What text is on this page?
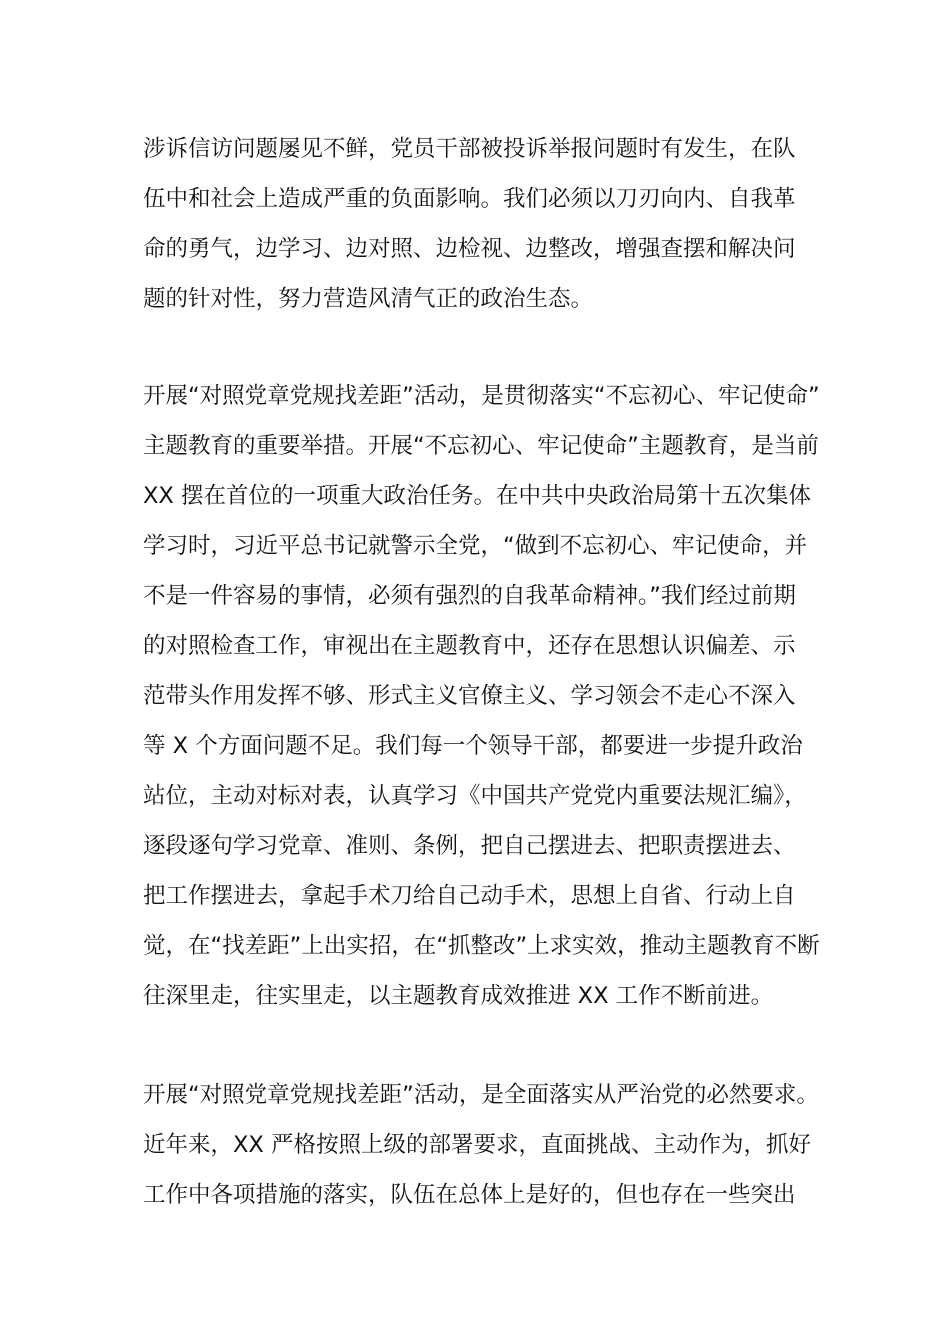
涉诉信访问题屡见不鲜，党员干部被投诉举报问题时有发生，在队
伍中和社会上造成严重的负面影响。我们必须以刀刃向内、自我革
命的勇气，边学习、边对照、边检视、边整改，增强查摆和解决问
题的针对性，努力营造风清气正的政治生态。
开展“对照党章党规找差距”活动，是贯彻落实“不忘初心、牢记使命”
主题教育的重要举措。开展“不忘初心、牢记使命”主题教育，是当前
XX 摆在首位的一项重大政治任务。在中共中央政治局第十五次集体
学习时，习近平总书记就警示全党，“做到不忘初心、牢记使命，并
不是一件容易的事情，必须有强烈的自我革命精神。”我们经过前期
的对照检查工作，审视出在主题教育中，还存在思想认识偏差、示
范带头作用发挥不够、形式主义官僚主义、学习领会不走心不深入
等 X 个方面问题不足。我们每一个领导干部，都要进一步提升政治
站位，主动对标对表，认真学习《中国共产党党内重要法规汇编》，
逐段逐句学习党章、准则、条例，把自己摆进去、把职责摆进去、
把工作摆进去，拿起手术刀给自己动手术，思想上自省、行动上自
觉，在“找差距”上出实招，在“抓整改”上求实效，推动主题教育不断
往深里走，往实里走，以主题教育成效推进 XX 工作不断前进。
开展“对照党章党规找差距”活动，是全面落实从严治党的必然要求。
近年来，XX 严格按照上级的部署要求，直面挑战、主动作为，抓好
工作中各项措施的落实，队伍在总体上是好的，但也存在一些突出
